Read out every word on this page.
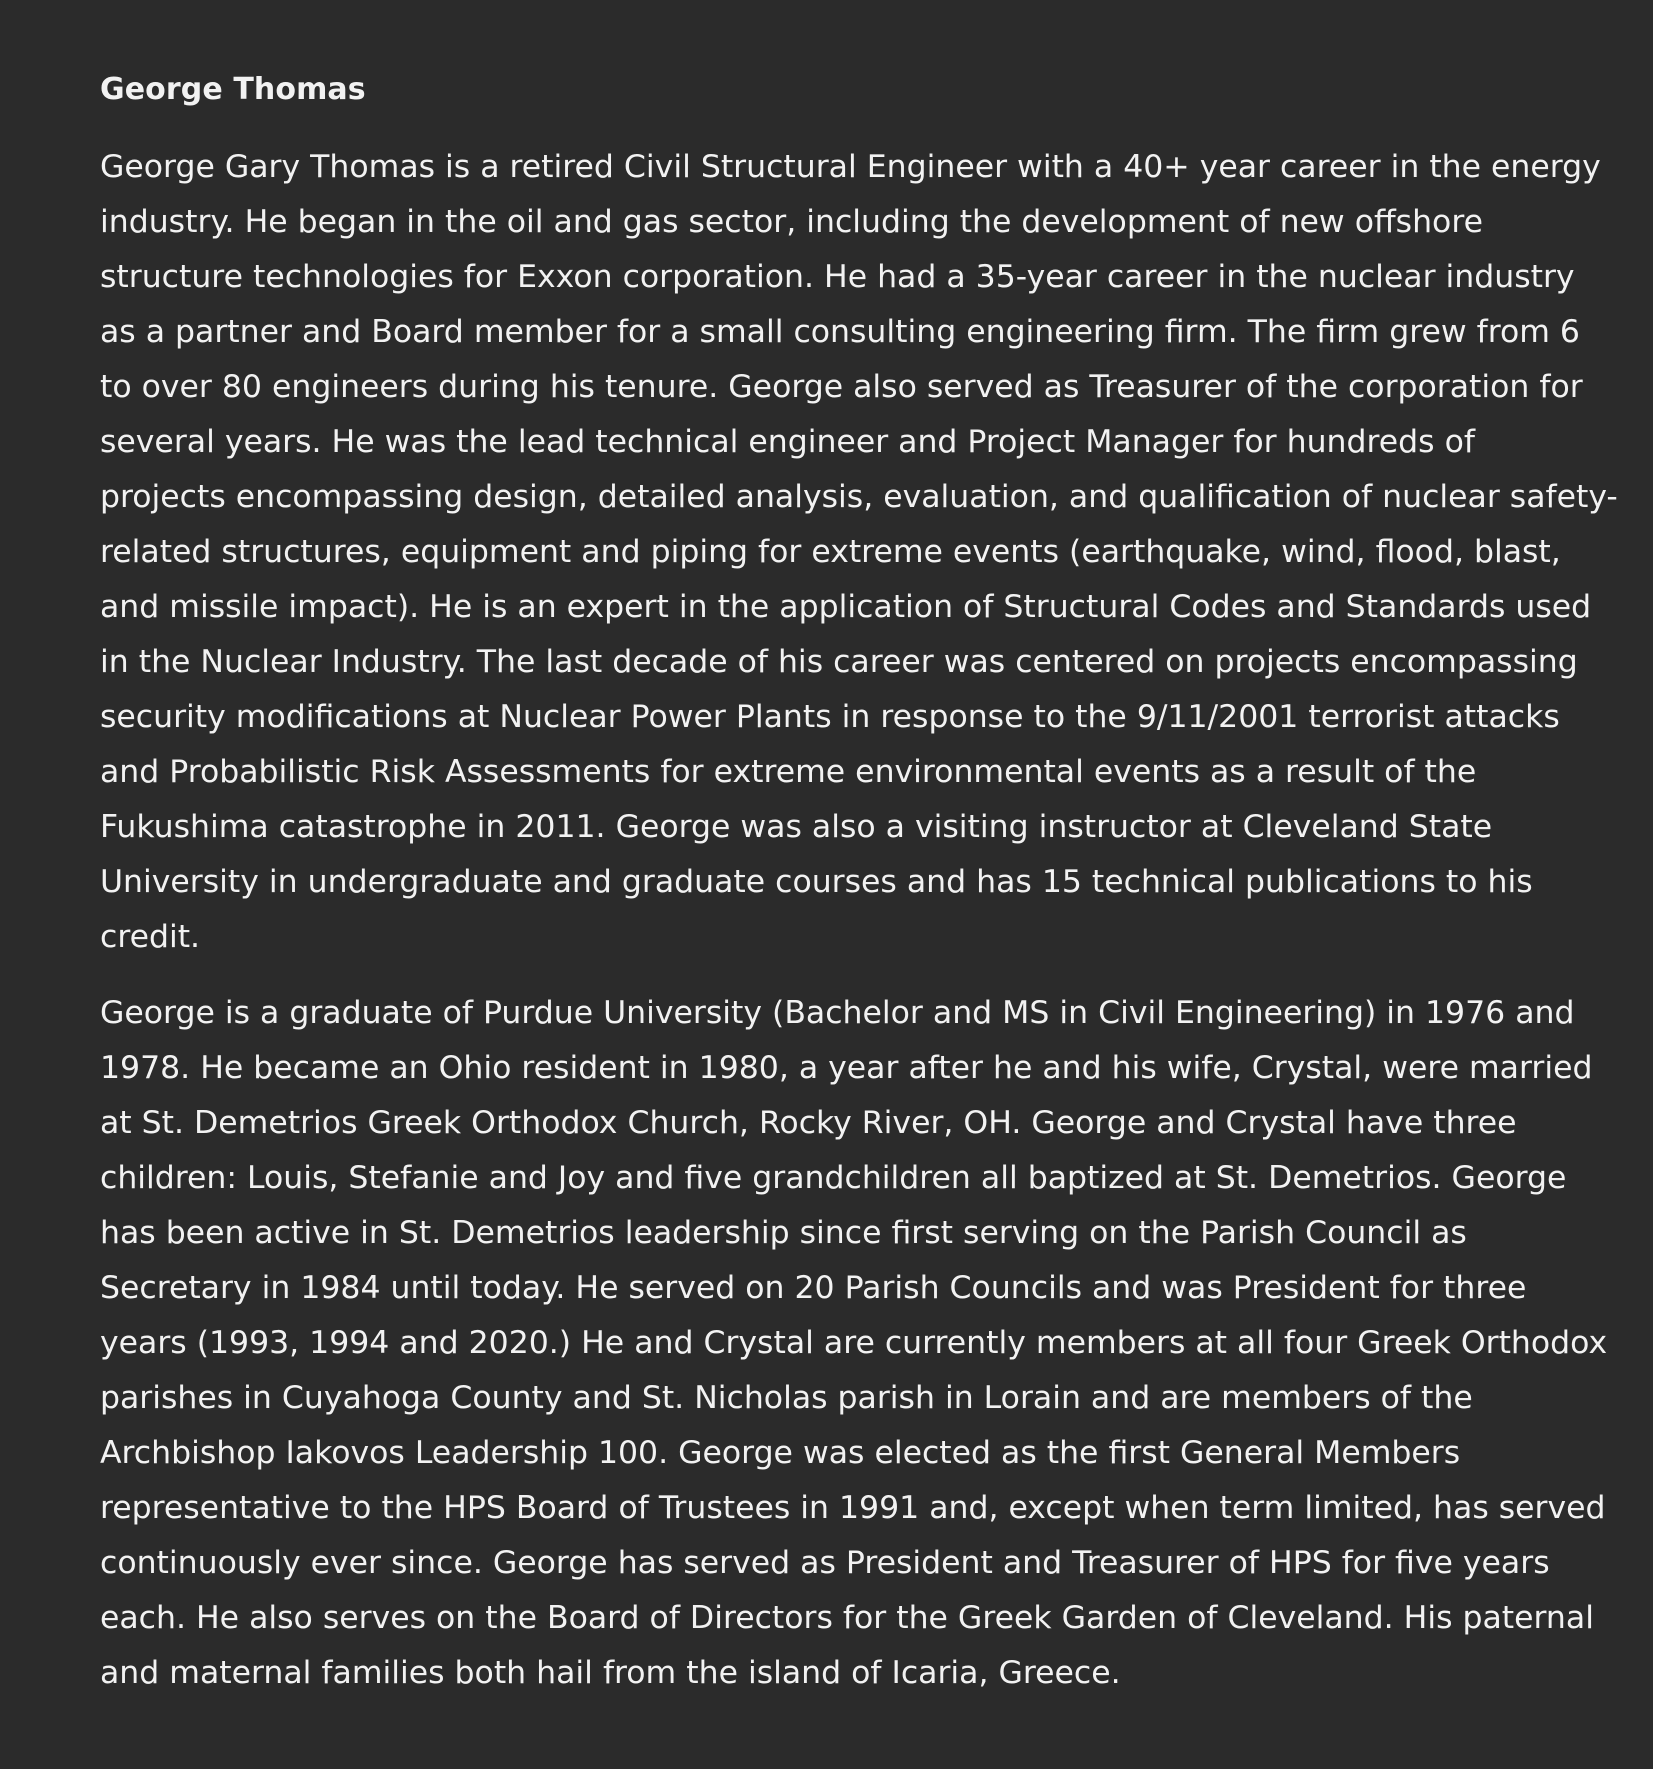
George Thomas

George Gary Thomas is a retired Civil Structural Engineer with a 40+ year career in the energy
industry. He began in the oil and gas sector, including the development of new offshore
structure technologies for Exxon corporation. He had a 35-year career in the nuclear industry
as a partner and Board member for a small consulting engineering firm. The firm grew from 6
to over 80 engineers during his tenure. George also served as Treasurer of the corporation for
several years. He was the lead technical engineer and Project Manager for hundreds of
projects encompassing design, detailed analysis, evaluation, and qualification of nuclear safety-
related structures, equipment and piping for extreme events (earthquake, wind, flood, blast,
and missile impact). He is an expert in the application of Structural Codes and Standards used
in the Nuclear Industry. The last decade of his career was centered on projects encompassing
security modifications at Nuclear Power Plants in response to the 9/11/2001 terrorist attacks
and Probabilistic Risk Assessments for extreme environmental events as a result of the
Fukushima catastrophe in 2011. George was also a visiting instructor at Cleveland State
University in undergraduate and graduate courses and has 15 technical publications to his
credit.

George is a graduate of Purdue University (Bachelor and MS in Civil Engineering) in 1976 and
1978. He became an Ohio resident in 1980, a year after he and his wife, Crystal, were married
at St. Demetrios Greek Orthodox Church, Rocky River, OH. George and Crystal have three
children: Louis, Stefanie and Joy and five grandchildren all baptized at St. Demetrios. George
has been active in St. Demetrios leadership since first serving on the Parish Council as
Secretary in 1984 until today. He served on 20 Parish Councils and was President for three
years (1993, 1994 and 2020.) He and Crystal are currently members at all four Greek Orthodox
parishes in Cuyahoga County and St. Nicholas parish in Lorain and are members of the
Archbishop Iakovos Leadership 100. George was elected as the first General Members
representative to the HPS Board of Trustees in 1991 and, except when term limited, has served
continuously ever since. George has served as President and Treasurer of HPS for five years
each. He also serves on the Board of Directors for the Greek Garden of Cleveland. His paternal
and maternal families both hail from the island of Icaria, Greece.
